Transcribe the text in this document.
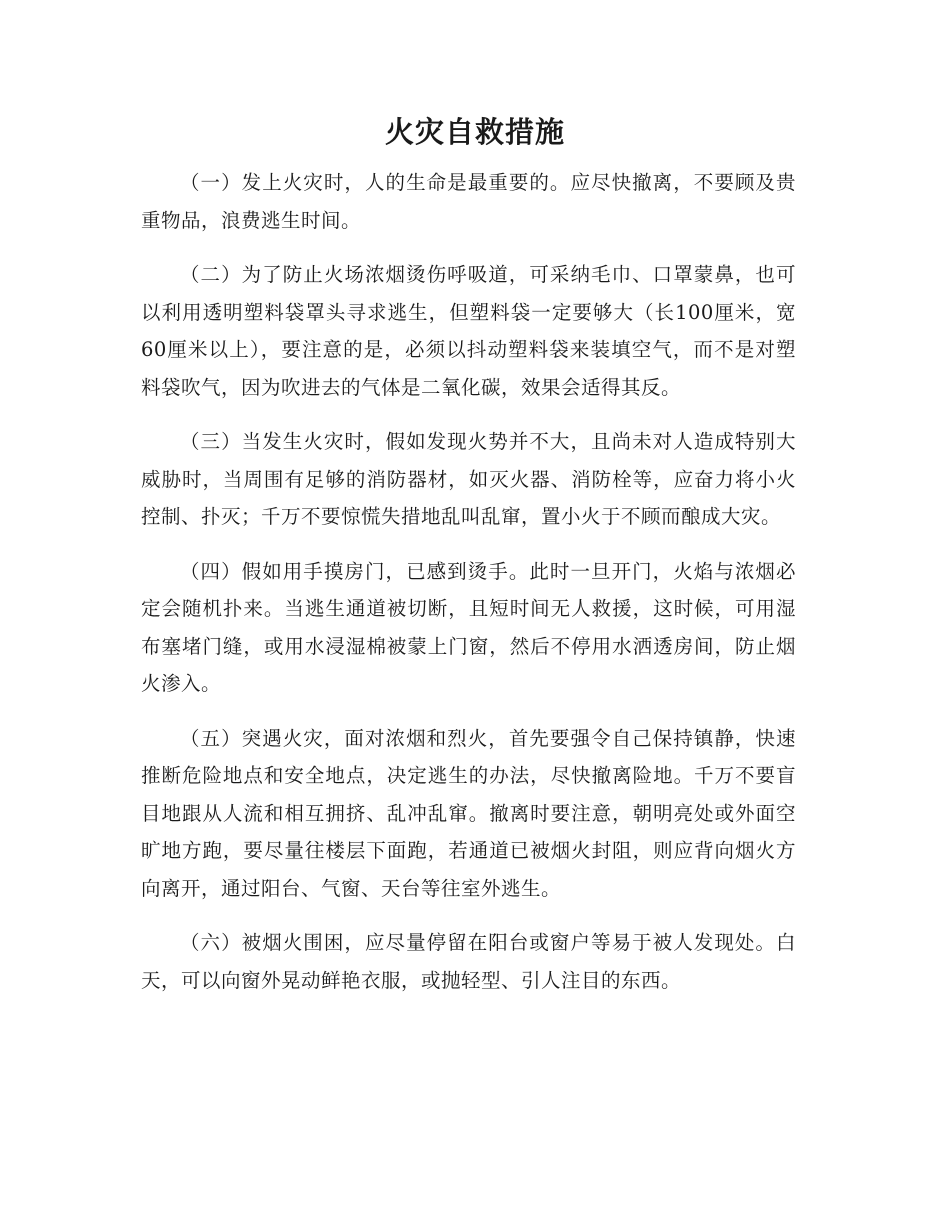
火灾自救措施

（一）发上火灾时，人的生命是最重要的。应尽快撤离，不要顾及贵重物品，浪费逃生时间。

（二）为了防止火场浓烟烫伤呼吸道，可采纳毛巾、口罩蒙鼻，也可以利用透明塑料袋罩头寻求逃生，但塑料袋一定要够大（长100厘米，宽60厘米以上），要注意的是，必须以抖动塑料袋来装填空气，而不是对塑料袋吹气，因为吹进去的气体是二氧化碳，效果会适得其反。

（三）当发生火灾时，假如发现火势并不大，且尚未对人造成特别大威胁时，当周围有足够的消防器材，如灭火器、消防栓等，应奋力将小火控制、扑灭；千万不要惊慌失措地乱叫乱窜，置小火于不顾而酿成大灾。

（四）假如用手摸房门，已感到烫手。此时一旦开门，火焰与浓烟必定会随机扑来。当逃生通道被切断，且短时间无人救援，这时候，可用湿布塞堵门缝，或用水浸湿棉被蒙上门窗，然后不停用水洒透房间，防止烟火渗入。

（五）突遇火灾，面对浓烟和烈火，首先要强令自己保持镇静，快速推断危险地点和安全地点，决定逃生的办法，尽快撤离险地。千万不要盲目地跟从人流和相互拥挤、乱冲乱窜。撤离时要注意，朝明亮处或外面空旷地方跑，要尽量往楼层下面跑，若通道已被烟火封阻，则应背向烟火方向离开，通过阳台、气窗、天台等往室外逃生。

（六）被烟火围困，应尽量停留在阳台或窗户等易于被人发现处。白天，可以向窗外晃动鲜艳衣服，或抛轻型、引人注目的东西。
